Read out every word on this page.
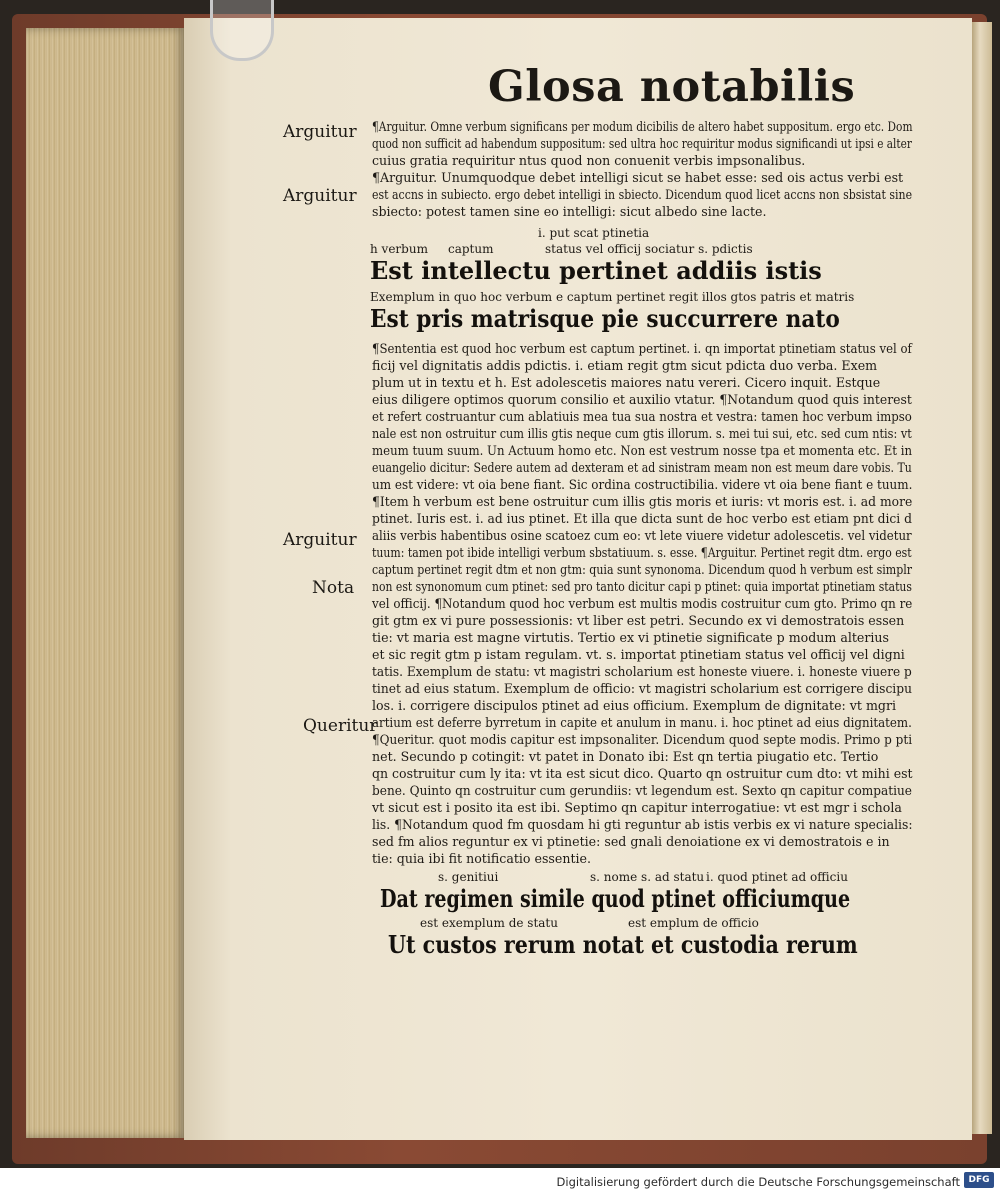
Glosa notabilis
Arguitur
Arguitur
Arguitur
Nota
Queritur
¶Arguitur. Omne verbum significans per modum dicibilis de altero habet suppositum. ergo etc. Dom
quod non sufficit ad habendum suppositum: sed ultra hoc requiritur modus significandi ut ipsi e alter
cuius gratia requiritur ntus quod non conuenit verbis impsonalibus.
¶Arguitur. Unumquodque debet intelligi sicut se habet esse: sed ois actus verbi est
est accns in subiecto. ergo debet intelligi in sbiecto. Dicendum quod licet accns non sbsistat sine
sbiecto: potest tamen sine eo intelligi: sicut albedo sine lacte.
i. put scat ptinetia
h verbum captum	status vel officij sociatur s. pdictis
Est intellectu pertinet addiis istis
Exemplum in quo hoc verbum e captum pertinet regit illos gtos patris et matris
Est pris matrisque pie succurrere nato
¶Sententia est quod hoc verbum est captum pertinet. i. qn importat ptinetiam status vel of
ficij vel dignitatis addis pdictis. i. etiam regit gtm sicut pdicta duo verba. Exem
plum ut in textu et h. Est adolescetis maiores natu vereri. Cicero inquit. Estque
eius diligere optimos quorum consilio et auxilio vtatur. ¶Notandum quod quis interest
et refert costruantur cum ablatiuis mea tua sua nostra et vestra: tamen hoc verbum impso
nale est non ostruitur cum illis gtis neque cum gtis illorum. s. mei tui sui, etc. sed cum ntis: vt
meum tuum suum. Un Actuum homo etc. Non est vestrum nosse tpa et momenta etc. Et in
euangelio dicitur: Sedere autem ad dexteram et ad sinistram meam non est meum dare vobis. Tu
um est videre: vt oia bene fiant. Sic ordina costructibilia. videre vt oia bene fiant e tuum.
¶Item h verbum est bene ostruitur cum illis gtis moris et iuris: vt moris est. i. ad more
ptinet. Iuris est. i. ad ius ptinet. Et illa que dicta sunt de hoc verbo est etiam pnt dici d
aliis verbis habentibus osine scatoez cum eo: vt lete viuere videtur adolescetis. vel videtur
tuum: tamen pot ibide intelligi verbum sbstatiuum. s. esse. ¶Arguitur. Pertinet regit dtm. ergo est
captum pertinet regit dtm et non gtm: quia sunt synonoma. Dicendum quod h verbum est simplr
non est synonomum cum ptinet: sed pro tanto dicitur capi p ptinet: quia importat ptinetiam status
vel officij. ¶Notandum quod hoc verbum est multis modis costruitur cum gto. Primo qn re
git gtm ex vi pure possessionis: vt liber est petri. Secundo ex vi demostratois essen
tie: vt maria est magne virtutis. Tertio ex vi ptinetie significate p modum alterius
et sic regit gtm p istam regulam. vt. s. importat ptinetiam status vel officij vel digni
tatis. Exemplum de statu: vt magistri scholarium est honeste viuere. i. honeste viuere p
tinet ad eius statum. Exemplum de officio: vt magistri scholarium est corrigere discipu
los. i. corrigere discipulos ptinet ad eius officium. Exemplum de dignitate: vt mgri
artium est deferre byrretum in capite et anulum in manu. i. hoc ptinet ad eius dignitatem.
¶Queritur. quot modis capitur est impsonaliter. Dicendum quod septe modis. Primo p pti
net. Secundo p cotingit: vt patet in Donato ibi: Est qn tertia piugatio etc. Tertio
qn costruitur cum ly ita: vt ita est sicut dico. Quarto qn ostruitur cum dto: vt mihi est
bene. Quinto qn costruitur cum gerundiis: vt legendum est. Sexto qn capitur compatiue
vt sicut est i posito ita est ibi. Septimo qn capitur interrogatiue: vt est mgr i schola
lis. ¶Notandum quod fm quosdam hi gti reguntur ab istis verbis ex vi nature specialis:
sed fm alios reguntur ex vi ptinetie: sed gnali denoiatione ex vi demostratois e in
tie: quia ibi fit notificatio essentie.
s. genitiui	s. nome s. ad statu i. quod ptinet ad officiu
Dat regimen simile quod ptinet officiumque
est exemplum de statu	est emplum de officio
Ut custos rerum notat et custodia rerum
Digitalisierung gefördert durch die Deutsche Forschungsgemeinschaft DFG
